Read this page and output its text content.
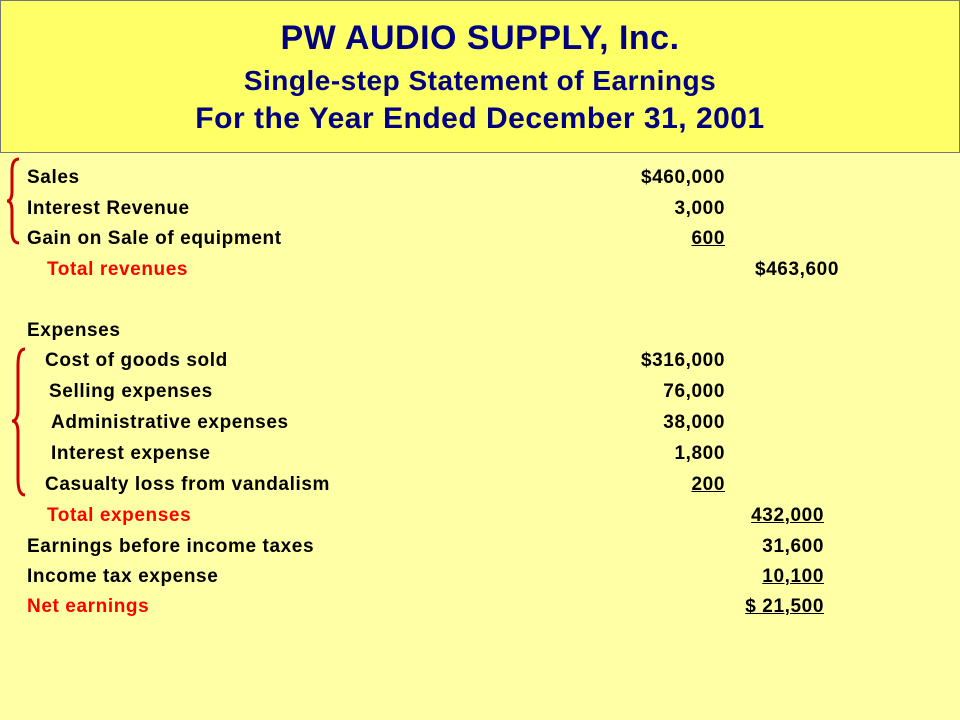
PW AUDIO SUPPLY, Inc.
Single-step Statement of Earnings
For the Year Ended December 31, 2001
Sales	$460,000
Interest Revenue	3,000
Gain on Sale of equipment	600
Total revenues	$463,600
Expenses
Cost of goods sold	$316,000
Selling expenses	76,000
Administrative expenses	38,000
Interest expense	1,800
Casualty loss from vandalism	200
Total expenses	432,000
Earnings before income taxes	31,600
Income tax expense	10,100
Net earnings	$ 21,500
